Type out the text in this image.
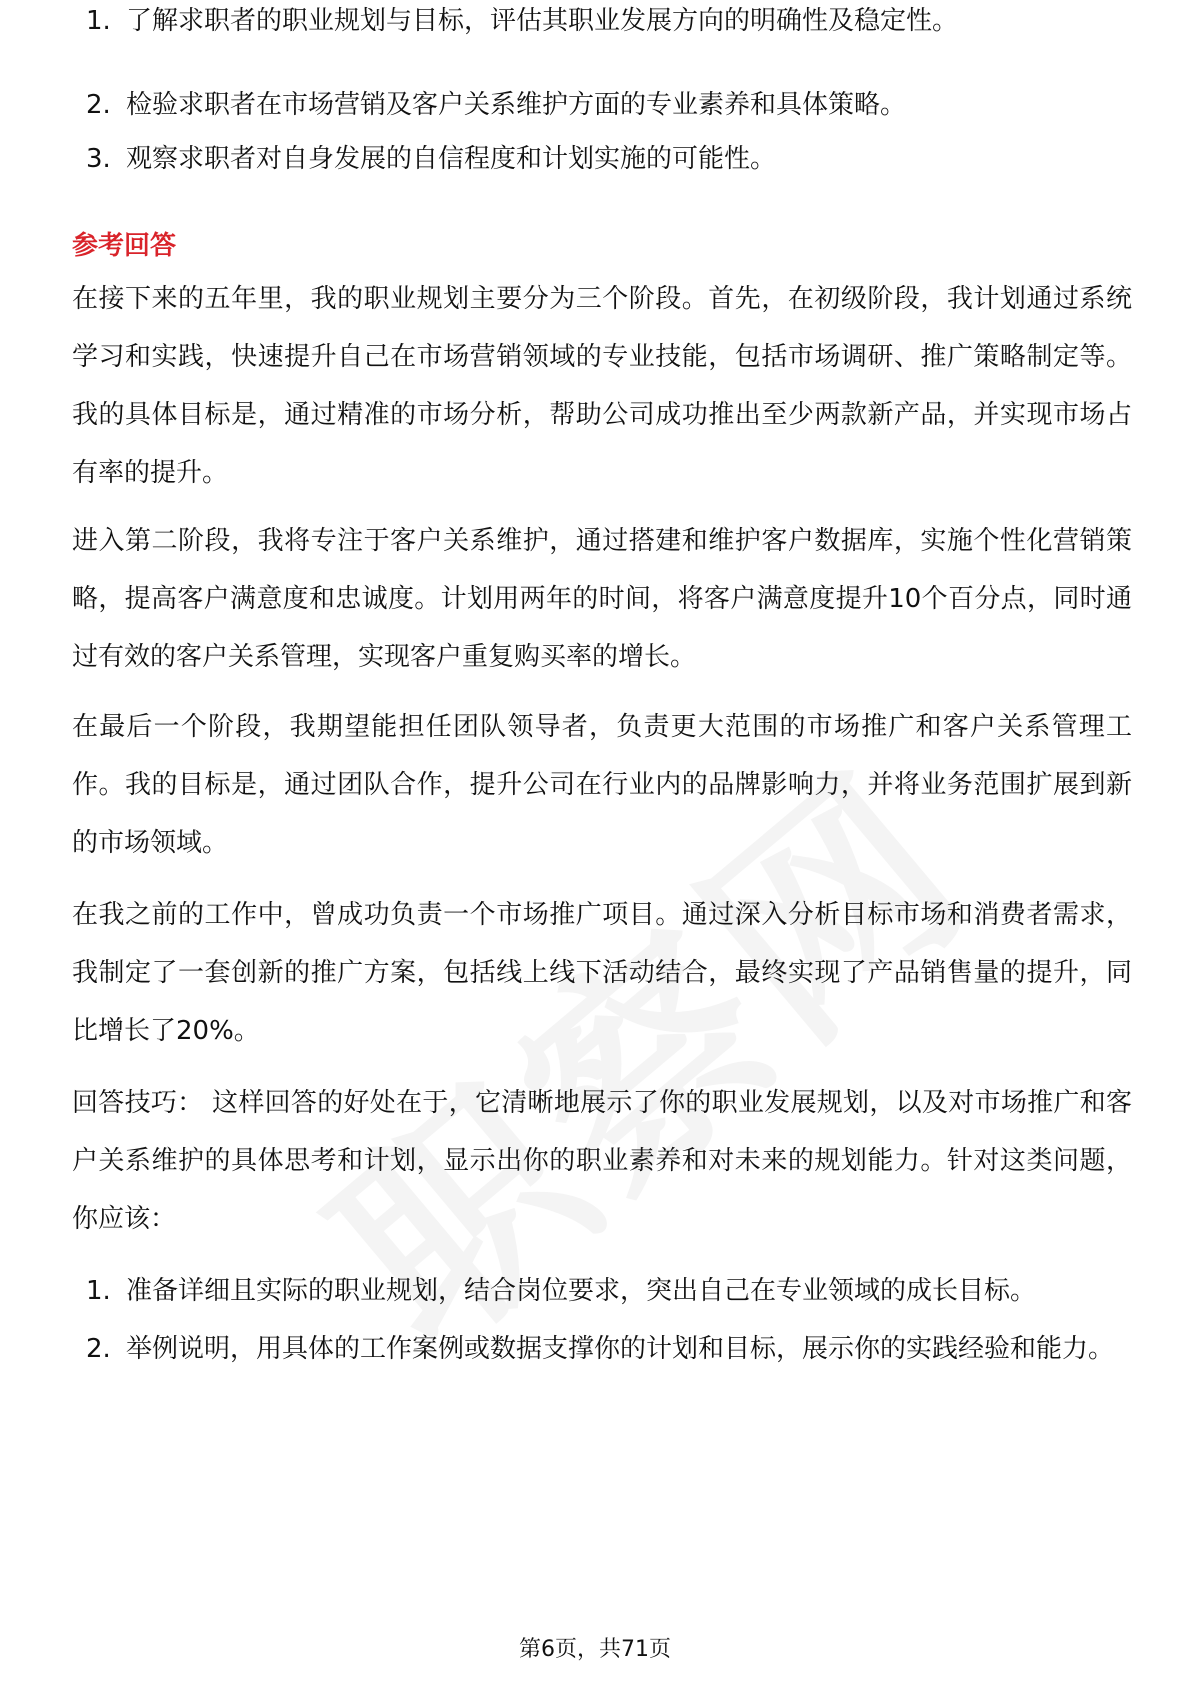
1. 了解求职者的职业规划与目标，评估其职业发展方向的明确性及稳定性。
2. 检验求职者在市场营销及客户关系维护方面的专业素养和具体策略。
3. 观察求职者对自身发展的自信程度和计划实施的可能性。
参考回答

在接下来的五年里，我的职业规划主要分为三个阶段。首先，在初级阶段，我计划通过系统学习和实践，快速提升自己在市场营销领域的专业技能，包括市场调研、推广策略制定等。我的具体目标是，通过精准的市场分析，帮助公司成功推出至少两款新产品，并实现市场占有率的提升。

进入第二阶段，我将专注于客户关系维护，通过搭建和维护客户数据库，实施个性化营销策略，提高客户满意度和忠诚度。计划用两年的时间，将客户满意度提升10个百分点，同时通过有效的客户关系管理，实现客户重复购买率的增长。

在最后一个阶段，我期望能担任团队领导者，负责更大范围的市场推广和客户关系管理工作。我的目标是，通过团队合作，提升公司在行业内的品牌影响力，并将业务范围扩展到新的市场领域。

在我之前的工作中，曾成功负责一个市场推广项目。通过深入分析目标市场和消费者需求，我制定了一套创新的推广方案，包括线上线下活动结合，最终实现了产品销售量的提升，同比增长了20%。

回答技巧： 这样回答的好处在于，它清晰地展示了你的职业发展规划，以及对市场推广和客户关系维护的具体思考和计划，显示出你的职业素养和对未来的规划能力。针对这类问题，你应该：

1. 准备详细且实际的职业规划，结合岗位要求，突出自己在专业领域的成长目标。
2. 举例说明，用具体的工作案例或数据支撑你的计划和目标，展示你的实践经验和能力。
第6页，共71页
